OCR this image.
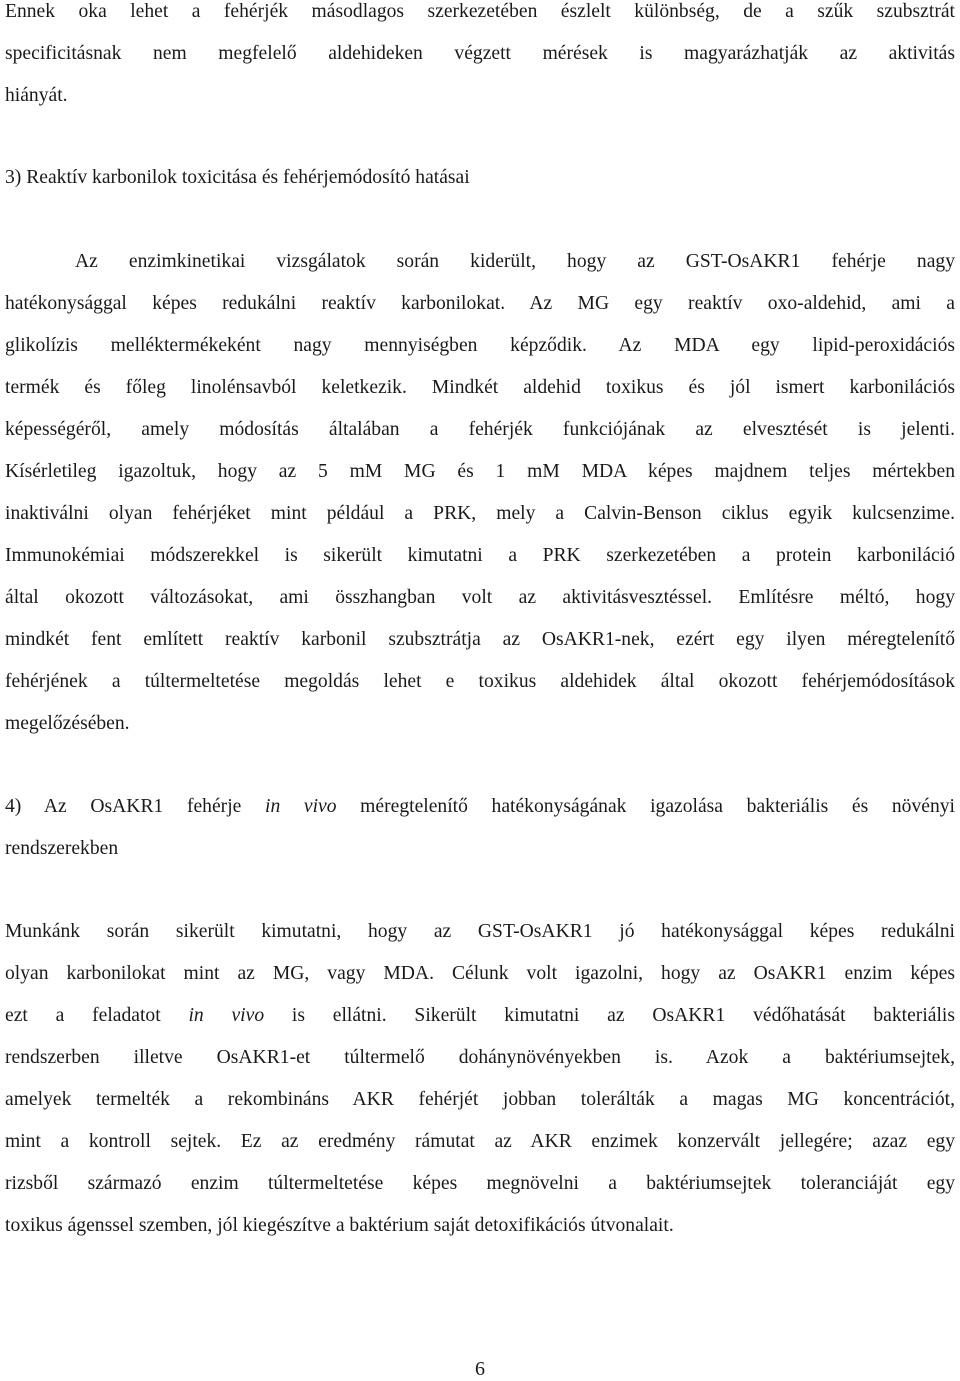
Ennek oka lehet a fehérjék másodlagos szerkezetében észlelt különbség, de a szűk szubsztrát
specificitásnak nem megfelelő aldehideken végzett mérések is magyarázhatják az aktivitás
hiányát.
3) Reaktív karbonilok toxicitása és fehérjemódosító hatásai
Az enzimkinetikai vizsgálatok során kiderült, hogy az GST-OsAKR1 fehérje nagy
hatékonysággal képes redukálni reaktív karbonilokat. Az MG egy reaktív oxo-aldehid, ami a
glikolízis melléktermékeként nagy mennyiségben képződik. Az MDA egy lipid-peroxidációs
termék és főleg linolénsavból keletkezik. Mindkét aldehid toxikus és jól ismert karbonilációs
képességéről, amely módosítás általában a fehérjék funkciójának az elvesztését is jelenti.
Kísérletileg igazoltuk, hogy az 5 mM MG és 1 mM MDA képes majdnem teljes mértekben
inaktiválni olyan fehérjéket mint például a PRK, mely a Calvin-Benson ciklus egyik kulcsenzime.
Immunokémiai módszerekkel is sikerült kimutatni a PRK szerkezetében a protein karboniláció
által okozott változásokat, ami összhangban volt az aktivitásvesztéssel. Említésre méltó, hogy
mindkét fent említett reaktív karbonil szubsztrátja az OsAKR1-nek, ezért egy ilyen méregtelenítő
fehérjének a túltermeltetése megoldás lehet e toxikus aldehidek által okozott fehérjemódosítások
megelőzésében.
4) Az OsAKR1 fehérje in vivo méregtelenítő hatékonyságának igazolása bakteriális és növényi
rendszerekben
Munkánk során sikerült kimutatni, hogy az GST-OsAKR1 jó hatékonysággal képes redukálni
olyan karbonilokat mint az MG, vagy MDA. Célunk volt igazolni, hogy az OsAKR1 enzim képes
ezt a feladatot in vivo is ellátni. Sikerült kimutatni az OsAKR1 védőhatását bakteriális
rendszerben illetve OsAKR1-et túltermelő dohánynövényekben is. Azok a baktériumsejtek,
amelyek termelték a rekombináns AKR fehérjét jobban tolerálták a magas MG koncentrációt,
mint a kontroll sejtek. Ez az eredmény rámutat az AKR enzimek konzervált jellegére; azaz egy
rizsből származó enzim túltermeltetése képes megnövelni a baktériumsejtek toleranciáját egy
toxikus ágenssel szemben, jól kiegészítve a baktérium saját detoxifikációs útvonalait.
6
